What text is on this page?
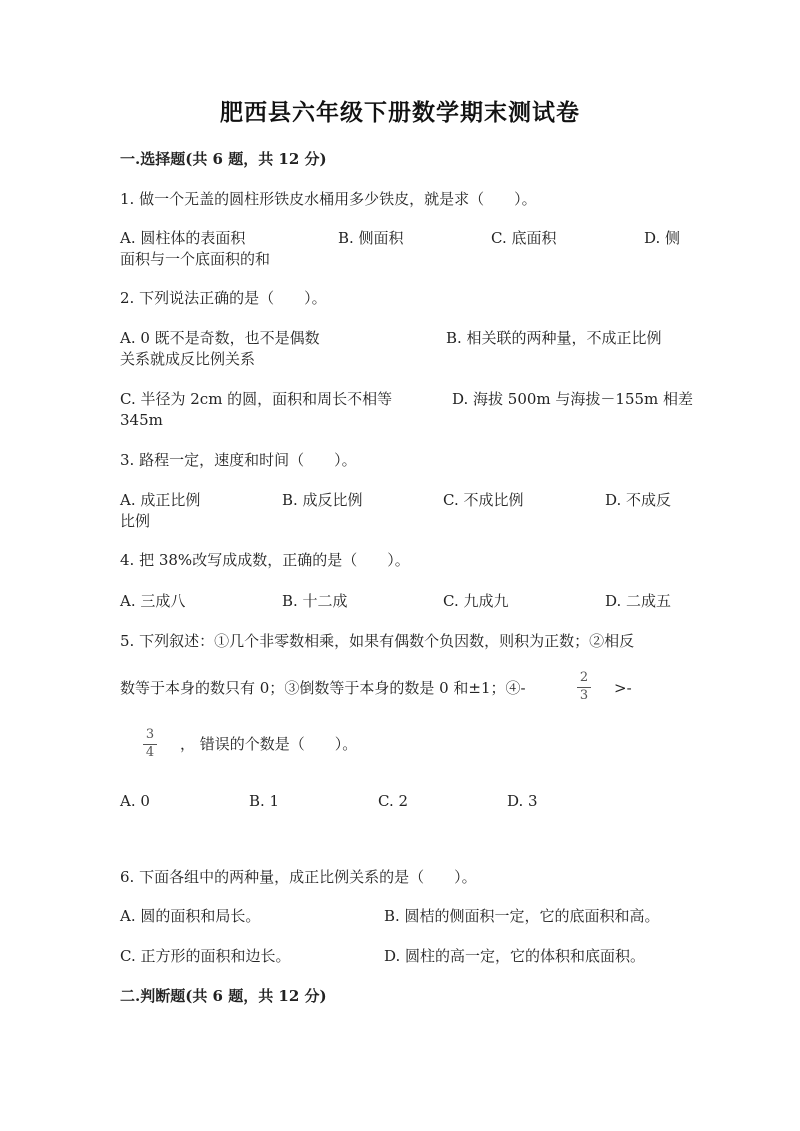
肥西县六年级下册数学期末测试卷
一.选择题(共 6 题，共 12 分)
1. 做一个无盖的圆柱形铁皮水桶用多少铁皮，就是求（　　）。
A. 圆柱体的表面积	B. 侧面积	C. 底面积	D. 侧
面积与一个底面积的和
2. 下列说法正确的是（　　）。
A. 0 既不是奇数，也不是偶数	B. 相关联的两种量，不成正比例
关系就成反比例关系
C. 半径为 2cm 的圆，面积和周长不相等	D. 海拔 500m 与海拔－155m 相差
345m
3. 路程一定，速度和时间（　　）。
A. 成正比例	B. 成反比例	C. 不成比例	D. 不成反
比例
4. 把 38%改写成成数，正确的是（　　）。
A. 三成八	B. 十二成	C. 九成九	D. 二成五
5. 下列叙述：①几个非零数相乘，如果有偶数个负因数，则积为正数；②相反
数等于本身的数只有 0；③倒数等于本身的数是 0 和±1；④-
2
3 >-
3
4 ， 错误的个数是（　　）。
A. 0	B. 1	C. 2	D. 3
6. 下面各组中的两种量，成正比例关系的是（　　）。
A. 圆的面积和局长。	B. 圆桔的侧面积一定，它的底面积和高。
C. 正方形的面积和边长。	D. 圆柱的高一定，它的体积和底面积。
二.判断题(共 6 题，共 12 分)
